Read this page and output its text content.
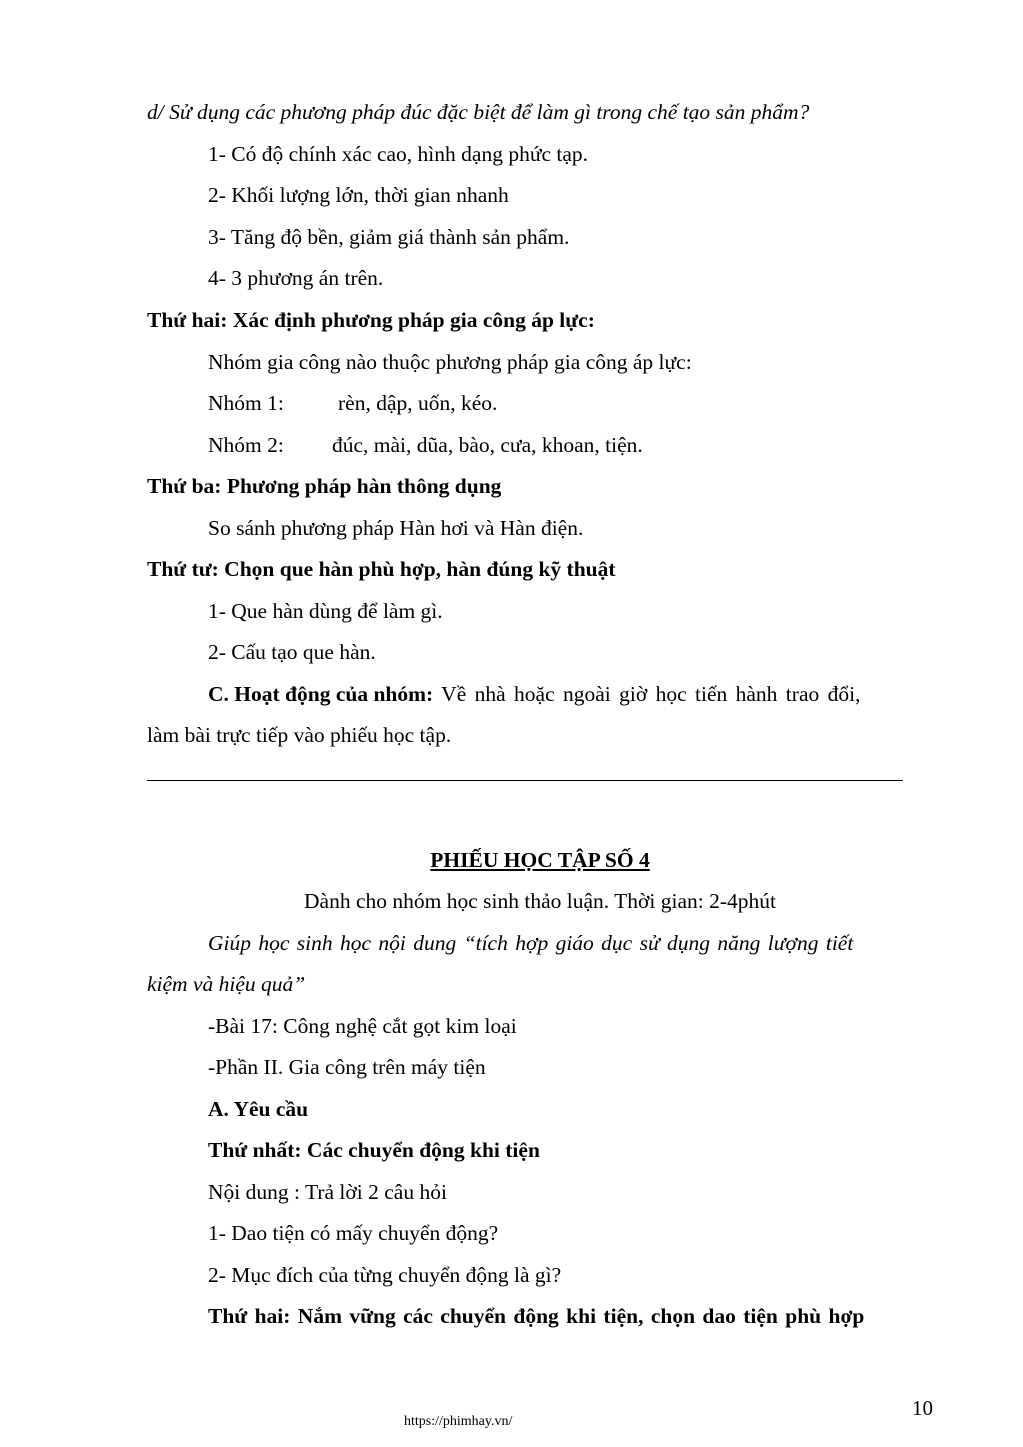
d/ Sử dụng các phương pháp đúc đặc biệt để làm gì trong chế tạo sản phẩm?
1- Có độ chính xác cao, hình dạng phức tạp.
2- Khối lượng lớn, thời gian nhanh
3- Tăng độ bền, giảm giá thành sản phẩm.
4- 3 phương án trên.
Thứ hai: Xác định phương pháp gia công áp lực:
Nhóm gia công nào thuộc phương pháp gia công áp lực:
Nhóm 1:	rèn, dập, uốn, kéo.
Nhóm 2: đúc, mài, dũa, bào, cưa, khoan, tiện.
Thứ ba: Phương pháp hàn thông dụng
So sánh phương pháp Hàn hơi và Hàn điện.
Thứ tư: Chọn que hàn phù hợp, hàn đúng kỹ thuật
1- Que hàn dùng để làm gì.
2- Cấu tạo que hàn.
C. Hoạt động của nhóm: Về nhà hoặc ngoài giờ học tiến hành trao đổi,
làm bài trực tiếp vào phiếu học tập.
PHIẾU HỌC TẬP SỐ 4
Dành cho nhóm học sinh thảo luận. Thời gian: 2-4phút
Giúp học sinh học nội dung “tích hợp giáo dục sử dụng năng lượng tiết
kiệm và hiệu quả”
-Bài 17: Công nghệ cắt gọt kim loại
-Phần II. Gia công trên máy tiện
A. Yêu cầu
Thứ nhất: Các chuyển động khi tiện
Nội dung : Trả lời 2 câu hỏi
1- Dao tiện có mấy chuyển động?
2- Mục đích của từng chuyển động là gì?
Thứ hai: Nắm vững các chuyển động khi tiện, chọn dao tiện phù hợp
10
https://phimhay.vn/
